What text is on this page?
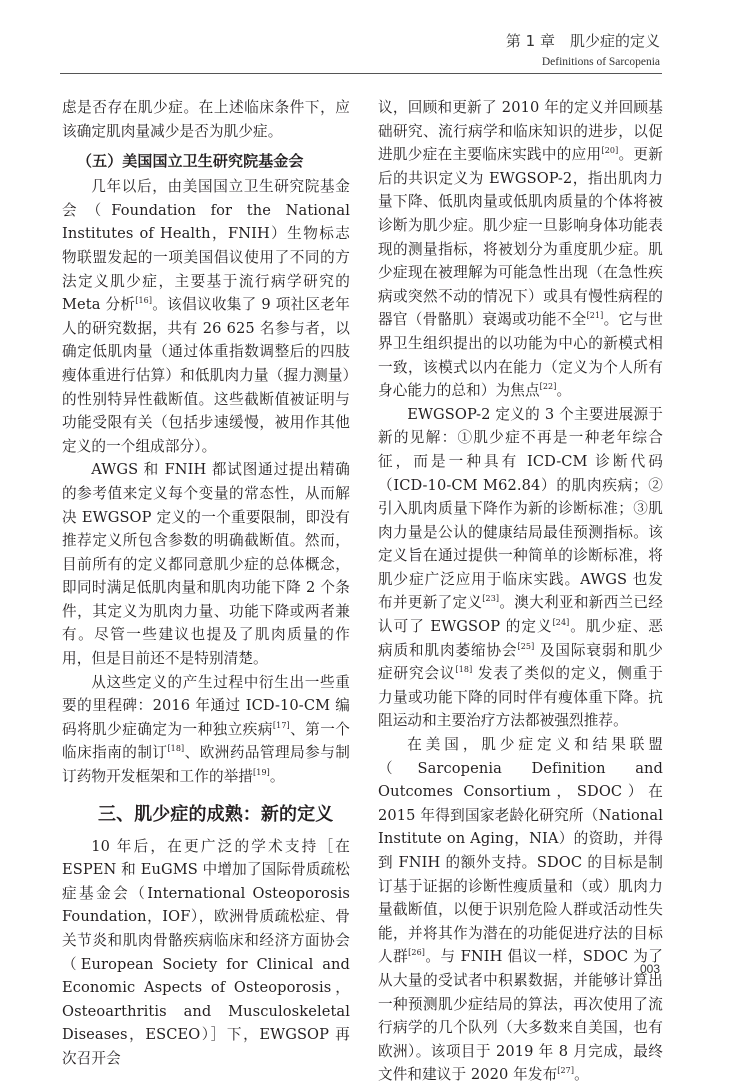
第 1 章　肌少症的定义
Definitions of Sarcopenia

虑是否存在肌少症。在上述临床条件下，应该确定肌肉量减少是否为肌少症。

（五）美国国立卫生研究院基金会

几年以后，由美国国立卫生研究院基金会（Foundation for the National Institutes of Health，FNIH）生物标志物联盟发起的一项美国倡议使用了不同的方法定义肌少症，主要基于流行病学研究的 Meta 分析[16]。该倡议收集了 9 项社区老年人的研究数据，共有 26 625 名参与者，以确定低肌肉量（通过体重指数调整后的四肢瘦体重进行估算）和低肌肉力量（握力测量）的性别特异性截断值。这些截断值被证明与功能受限有关（包括步速缓慢，被用作其他定义的一个组成部分）。

AWGS 和 FNIH 都试图通过提出精确的参考值来定义每个变量的常态性，从而解决 EWGSOP 定义的一个重要限制，即没有推荐定义所包含参数的明确截断值。然而，目前所有的定义都同意肌少症的总体概念，即同时满足低肌肉量和肌肉功能下降 2 个条件，其定义为肌肉力量、功能下降或两者兼有。尽管一些建议也提及了肌肉质量的作用，但是目前还不是特别清楚。

从这些定义的产生过程中衍生出一些重要的里程碑：2016 年通过 ICD-10-CM 编码将肌少症确定为一种独立疾病[17]、第一个临床指南的制订[18]、欧洲药品管理局参与制订药物开发框架和工作的举措[19]。

三、肌少症的成熟：新的定义

10 年后，在更广泛的学术支持［在 ESPEN 和 EuGMS 中增加了国际骨质疏松症基金会（International Osteoporosis Foundation，IOF），欧洲骨质疏松症、骨关节炎和肌肉骨骼疾病临床和经济方面协会（European Society for Clinical and Economic Aspects of Osteoporosis，Osteoarthritis and Musculoskeletal Diseases，ESCEO）］下，EWGSOP 再次召开会

议，回顾和更新了 2010 年的定义并回顾基础研究、流行病学和临床知识的进步，以促进肌少症在主要临床实践中的应用[20]。更新后的共识定义为 EWGSOP-2，指出肌肉力量下降、低肌肉量或低肌肉质量的个体将被诊断为肌少症。肌少症一旦影响身体功能表现的测量指标，将被划分为重度肌少症。肌少症现在被理解为可能急性出现（在急性疾病或突然不动的情况下）或具有慢性病程的器官（骨骼肌）衰竭或功能不全[21]。它与世界卫生组织提出的以功能为中心的新模式相一致，该模式以内在能力（定义为个人所有身心能力的总和）为焦点[22]。

EWGSOP-2 定义的 3 个主要进展源于新的见解：①肌少症不再是一种老年综合征，而是一种具有 ICD-CM 诊断代码（ICD-10-CM M62.84）的肌肉疾病；②引入肌肉质量下降作为新的诊断标准；③肌肉力量是公认的健康结局最佳预测指标。该定义旨在通过提供一种简单的诊断标准，将肌少症广泛应用于临床实践。AWGS 也发布并更新了定义[23]。澳大利亚和新西兰已经认可了 EWGSOP 的定义[24]。肌少症、恶病质和肌肉萎缩协会[25] 及国际衰弱和肌少症研究会议[18] 发表了类似的定义，侧重于力量或功能下降的同时伴有瘦体重下降。抗阻运动和主要治疗方法都被强烈推荐。

在美国，肌少症定义和结果联盟（Sarcopenia Definition and Outcomes Consortium，SDOC）在 2015 年得到国家老龄化研究所（National Institute on Aging，NIA）的资助，并得到 FNIH 的额外支持。SDOC 的目标是制订基于证据的诊断性瘦质量和（或）肌肉力量截断值，以便于识别危险人群或活动性失能，并将其作为潜在的功能促进疗法的目标人群[26]。与 FNIH 倡议一样，SDOC 为了从大量的受试者中积累数据，并能够计算出一种预测肌少症结局的算法，再次使用了流行病学的几个队列（大多数来自美国，也有欧洲）。该项目于 2019 年 8 月完成，最终文件和建议于 2020 年发布[27]。

003
